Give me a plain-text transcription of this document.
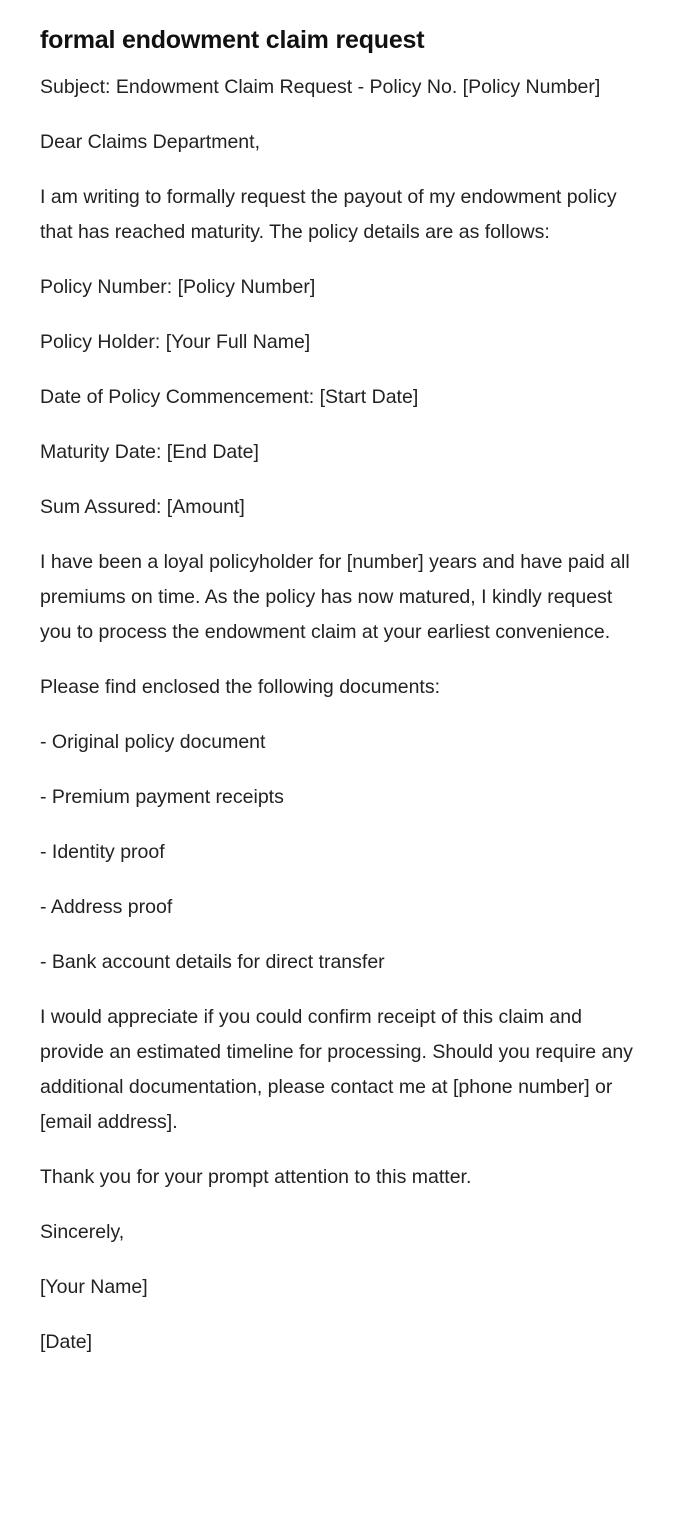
formal endowment claim request

Subject: Endowment Claim Request - Policy No. [Policy Number]

Dear Claims Department,

I am writing to formally request the payout of my endowment policy that has reached maturity. The policy details are as follows:

Policy Number: [Policy Number]

Policy Holder: [Your Full Name]

Date of Policy Commencement: [Start Date]

Maturity Date: [End Date]

Sum Assured: [Amount]

I have been a loyal policyholder for [number] years and have paid all premiums on time. As the policy has now matured, I kindly request you to process the endowment claim at your earliest convenience.

Please find enclosed the following documents:

- Original policy document

- Premium payment receipts

- Identity proof

- Address proof

- Bank account details for direct transfer

I would appreciate if you could confirm receipt of this claim and provide an estimated timeline for processing. Should you require any additional documentation, please contact me at [phone number] or [email address].

Thank you for your prompt attention to this matter.

Sincerely,

[Your Name]

[Date]
